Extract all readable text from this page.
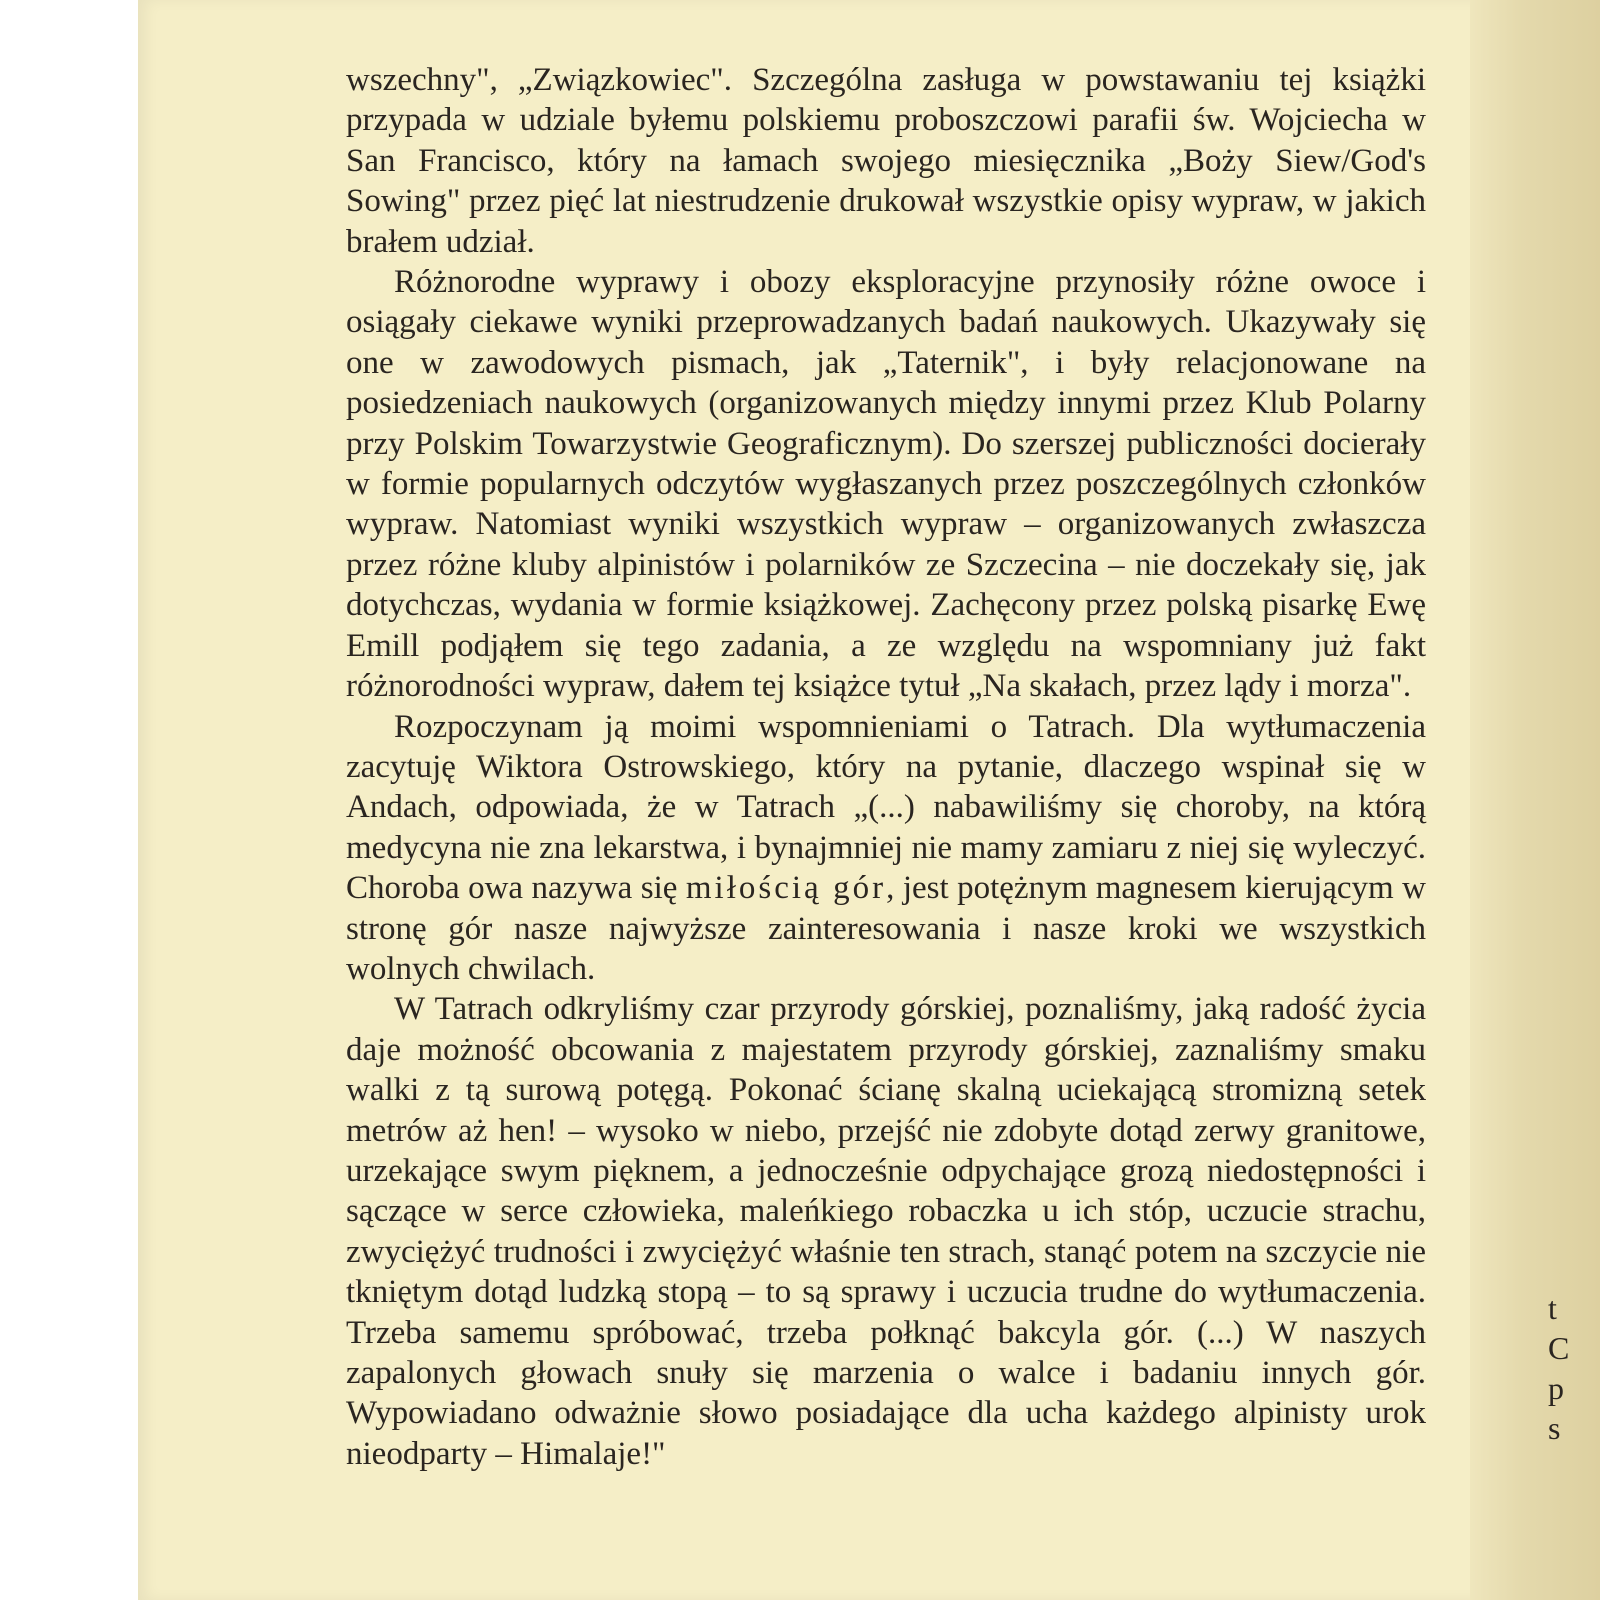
wszechny", „Związkowiec". Szczególna zasługa w powstawaniu tej książki przypada w udziale byłemu polskiemu proboszczowi parafii św. Wojciecha w San Francisco, który na łamach swojego miesięcznika „Boży Siew/God's Sowing" przez pięć lat niestrudzenie drukował wszystkie opisy wypraw, w jakich brałem udział.

Różnorodne wyprawy i obozy eksploracyjne przynosiły różne owoce i osiągały ciekawe wyniki przeprowadzanych badań naukowych. Ukazywały się one w zawodowych pismach, jak „Taternik", i były relacjonowane na posiedzeniach naukowych (organizowanych między innymi przez Klub Polarny przy Polskim Towarzystwie Geograficznym). Do szerszej publiczności docierały w formie popularnych odczytów wygłaszanych przez poszczególnych członków wypraw. Natomiast wyniki wszystkich wypraw – organizowanych zwłaszcza przez różne kluby alpinistów i polarników ze Szczecina – nie doczekały się, jak dotychczas, wydania w formie książkowej. Zachęcony przez polską pisarkę Ewę Emill podjąłem się tego zadania, a ze względu na wspomniany już fakt różnorodności wypraw, dałem tej książce tytuł „Na skałach, przez lądy i morza".

Rozpoczynam ją moimi wspomnieniami o Tatrach. Dla wytłumaczenia zacytuję Wiktora Ostrowskiego, który na pytanie, dlaczego wspinał się w Andach, odpowiada, że w Tatrach „(...) nabawiliśmy się choroby, na którą medycyna nie zna lekarstwa, i bynajmniej nie mamy zamiaru z niej się wyleczyć. Choroba owa nazywa się miłością gór, jest potężnym magnesem kierującym w stronę gór nasze najwyższe zainteresowania i nasze kroki we wszystkich wolnych chwilach.

W Tatrach odkryliśmy czar przyrody górskiej, poznaliśmy, jaką radość życia daje możność obcowania z majestatem przyrody górskiej, zaznaliśmy smaku walki z tą surową potęgą. Pokonać ścianę skalną uciekającą stromizną setek metrów aż hen! – wysoko w niebo, przejść nie zdobyte dotąd zerwy granitowe, urzekające swym pięknem, a jednocześnie odpychające grozą niedostępności i sączące w serce człowieka, maleńkiego robaczka u ich stóp, uczucie strachu, zwyciężyć trudności i zwyciężyć właśnie ten strach, stanąć potem na szczycie nie tkniętym dotąd ludzką stopą – to są sprawy i uczucia trudne do wytłumaczenia. Trzeba samemu spróbować, trzeba połknąć bakcyla gór. (...) W naszych zapalonych głowach snuły się marzenia o walce i badaniu innych gór. Wypowiadano odważnie słowo posiadające dla ucha każdego alpinisty urok nieodparty – Himalaje!"

t
C
p
s
